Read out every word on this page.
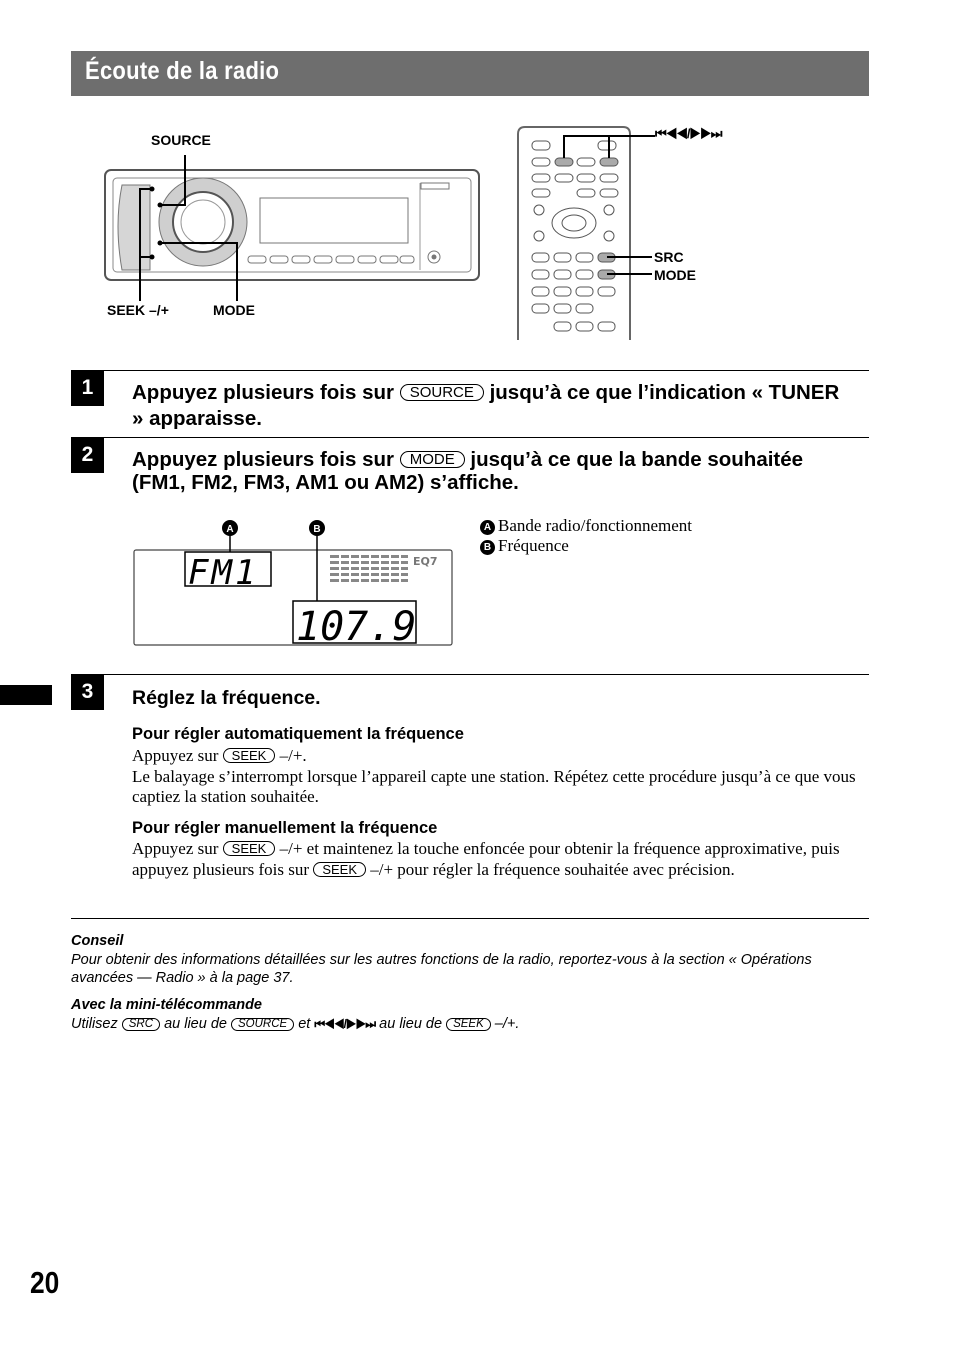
Écoute de la radio
SOURCE
SEEK –/+	MODE
⏮◀◀/▶▶⏭
SRC
MODE
1	Appuyez plusieurs fois sur SOURCE jusqu’à ce que l’indication « TUNER » apparaisse.
2	Appuyez plusieurs fois sur MODE jusqu’à ce que la bande souhaitée (FM1, FM2, FM3, AM1 ou AM2) s’affiche.
FM1
107.9
EQ7
A	B	A Bande radio/fonctionnement
B Fréquence
3	Réglez la fréquence.
Pour régler automatiquement la fréquence
Appuyez sur SEEK –/+.
Le balayage s’interrompt lorsque l’appareil capte une station. Répétez cette procédure jusqu’à ce que vous captiez la station souhaitée.
Pour régler manuellement la fréquence
Appuyez sur SEEK –/+ et maintenez la touche enfoncée pour obtenir la fréquence approximative, puis appuyez plusieurs fois sur SEEK –/+ pour régler la fréquence souhaitée avec précision.
Conseil
Pour obtenir des informations détaillées sur les autres fonctions de la radio, reportez-vous à la section « Opérations avancées — Radio » à la page 37.
Avec la mini-télécommande
Utilisez SRC au lieu de SOURCE et ⏮◀◀/▶▶⏭ au lieu de SEEK –/+.
20
